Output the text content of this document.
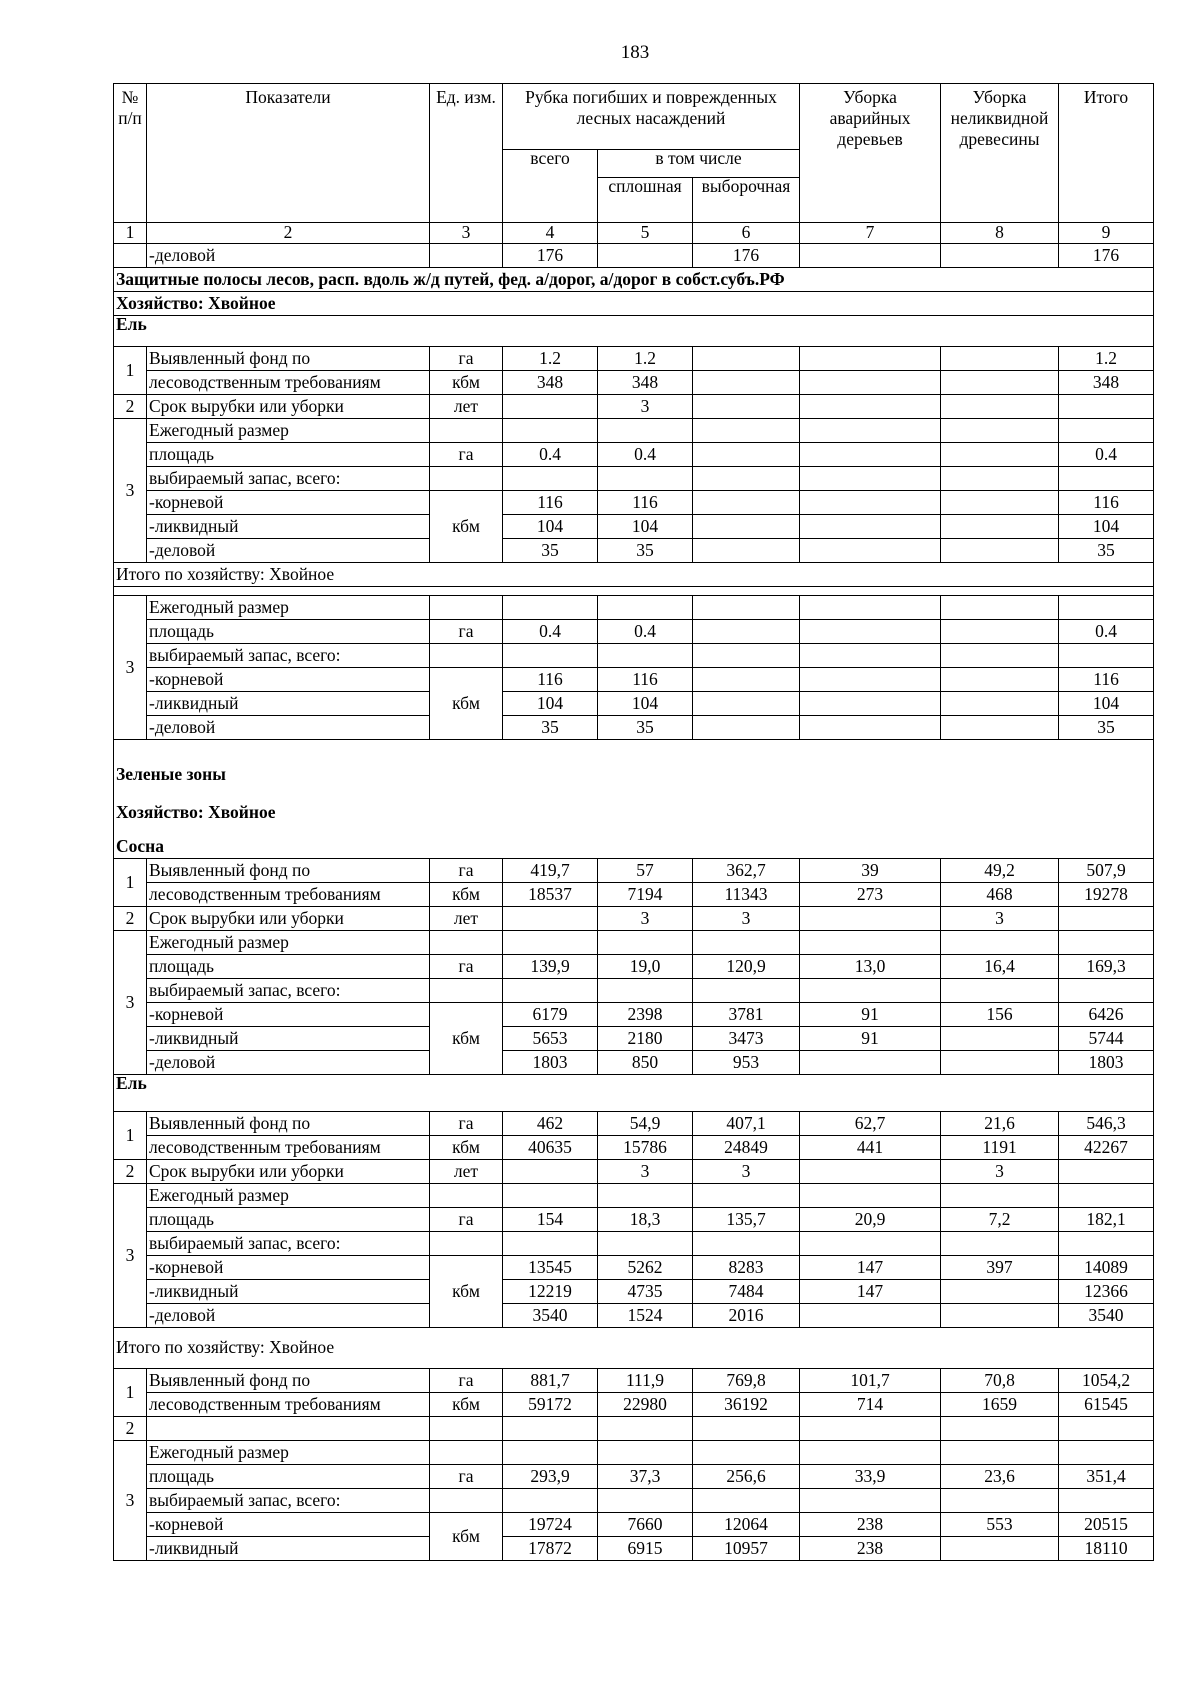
183
№ п/п	Показатели	Ед. изм.	Рубка погибших и поврежденных лесных насаждений			Уборка аварийных деревьев	Уборка неликвидной древесины	Итого
			всего	в том числе				
				сплошная	выборочная			
1	2	3	4	5	6	7	8	9
	-деловой		176		176			176
Защитные полосы лесов, расп. вдоль ж/д путей, фед. а/дорог, а/дорог в собст.субъ.РФ								
Хозяйство: Хвойное								
Ель								
1	Выявленный фонд по	га	1.2	1.2				1.2
	лесоводственным требованиям	кбм	348	348				348
2	Срок вырубки или уборки	лет		3				
3	Ежегодный размер							
	площадь	га	0.4	0.4				0.4
	выбираемый запас, всего:							
	-корневой	кбм	116	116				116
	-ликвидный		104	104				104
	-деловой		35	35				35
Итого по хозяйству: Хвойное								

3	Ежегодный размер							
	площадь	га	0.4	0.4				0.4
	выбираемый запас, всего:							
	-корневой	кбм	116	116				116
	-ликвидный		104	104				104
	-деловой		35	35				35

Зеленые зоны
Хозяйство: Хвойное
Сосна								

1	Выявленный фонд по	га	419,7	57	362,7	39	49,2	507,9
	лесоводственным требованиям	кбм	18537	7194	11343	273	468	19278
2	Срок вырубки или уборки	лет		3	3		3	
3	Ежегодный размер							
	площадь	га	139,9	19,0	120,9	13,0	16,4	169,3
	выбираемый запас, всего:							
	-корневой	кбм	6179	2398	3781	91	156	6426
	-ликвидный		5653	2180	3473	91		5744
	-деловой		1803	850	953			1803
Ель								
1	Выявленный фонд по	га	462	54,9	407,1	62,7	21,6	546,3
	лесоводственным требованиям	кбм	40635	15786	24849	441	1191	42267
2	Срок вырубки или уборки	лет		3	3		3	
3	Ежегодный размер							
	площадь	га	154	18,3	135,7	20,9	7,2	182,1
	выбираемый запас, всего:							
	-корневой	кбм	13545	5262	8283	147	397	14089
	-ликвидный		12219	4735	7484	147		12366
	-деловой		3540	1524	2016			3540
Итого по хозяйству: Хвойное								
1	Выявленный фонд по	га	881,7	111,9	769,8	101,7	70,8	1054,2
	лесоводственным требованиям	кбм	59172	22980	36192	714	1659	61545
2								
3	Ежегодный размер							
	площадь	га	293,9	37,3	256,6	33,9	23,6	351,4
	выбираемый запас, всего:							
	-корневой	кбм	19724	7660	12064	238	553	20515
	-ликвидный		17872	6915	10957	238		18110
